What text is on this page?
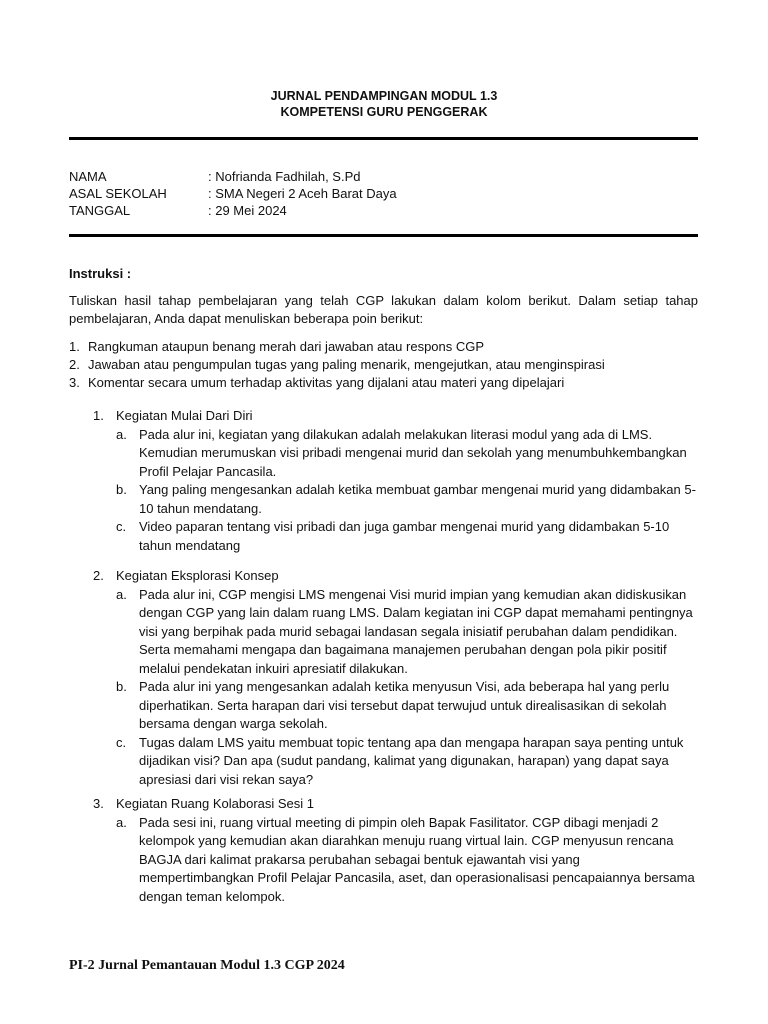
JURNAL PENDAMPINGAN MODUL 1.3
KOMPETENSI GURU PENGGERAK
NAMA	: Nofrianda Fadhilah, S.Pd
ASAL SEKOLAH	: SMA Negeri 2 Aceh Barat Daya
TANGGAL	: 29 Mei 2024
Instruksi :
Tuliskan hasil tahap pembelajaran yang telah CGP lakukan dalam kolom berikut. Dalam setiap tahap pembelajaran, Anda dapat menuliskan beberapa poin berikut:
1. Rangkuman ataupun benang merah dari jawaban atau respons CGP
2. Jawaban atau pengumpulan tugas yang paling menarik, mengejutkan, atau menginspirasi
3. Komentar secara umum terhadap aktivitas yang dijalani atau materi yang dipelajari
1. Kegiatan Mulai Dari Diri
a. Pada alur ini, kegiatan yang dilakukan adalah melakukan literasi modul yang ada di LMS. Kemudian merumuskan visi pribadi mengenai murid dan sekolah yang menumbuhkembangkan Profil Pelajar Pancasila.
b. Yang paling mengesankan adalah ketika membuat gambar mengenai murid yang didambakan 5-10 tahun mendatang.
c. Video paparan tentang visi pribadi dan juga gambar mengenai murid yang didambakan 5-10 tahun mendatang
2. Kegiatan Eksplorasi Konsep
a. Pada alur ini, CGP mengisi LMS mengenai Visi murid impian yang kemudian akan didiskusikan dengan CGP yang lain dalam ruang LMS. Dalam kegiatan ini CGP dapat memahami pentingnya visi yang berpihak pada murid sebagai landasan segala inisiatif perubahan dalam pendidikan. Serta memahami mengapa dan bagaimana manajemen perubahan dengan pola pikir positif melalui pendekatan inkuiri apresiatif dilakukan.
b. Pada alur ini yang mengesankan adalah ketika menyusun Visi, ada beberapa hal yang perlu diperhatikan. Serta harapan dari visi tersebut dapat terwujud untuk direalisasikan di sekolah bersama dengan warga sekolah.
c. Tugas dalam LMS yaitu membuat topic tentang apa dan mengapa harapan saya penting untuk dijadikan visi? Dan apa (sudut pandang, kalimat yang digunakan, harapan) yang dapat saya apresiasi dari visi rekan saya?
3. Kegiatan Ruang Kolaborasi Sesi 1
a. Pada sesi ini, ruang virtual meeting di pimpin oleh Bapak Fasilitator. CGP dibagi menjadi 2 kelompok yang kemudian akan diarahkan menuju ruang virtual lain. CGP menyusun rencana BAGJA dari kalimat prakarsa perubahan sebagai bentuk ejawantah visi yang mempertimbangkan Profil Pelajar Pancasila, aset, dan operasionalisasi pencapaiannya bersama dengan teman kelompok.
PI-2 Jurnal Pemantauan Modul 1.3 CGP 2024
